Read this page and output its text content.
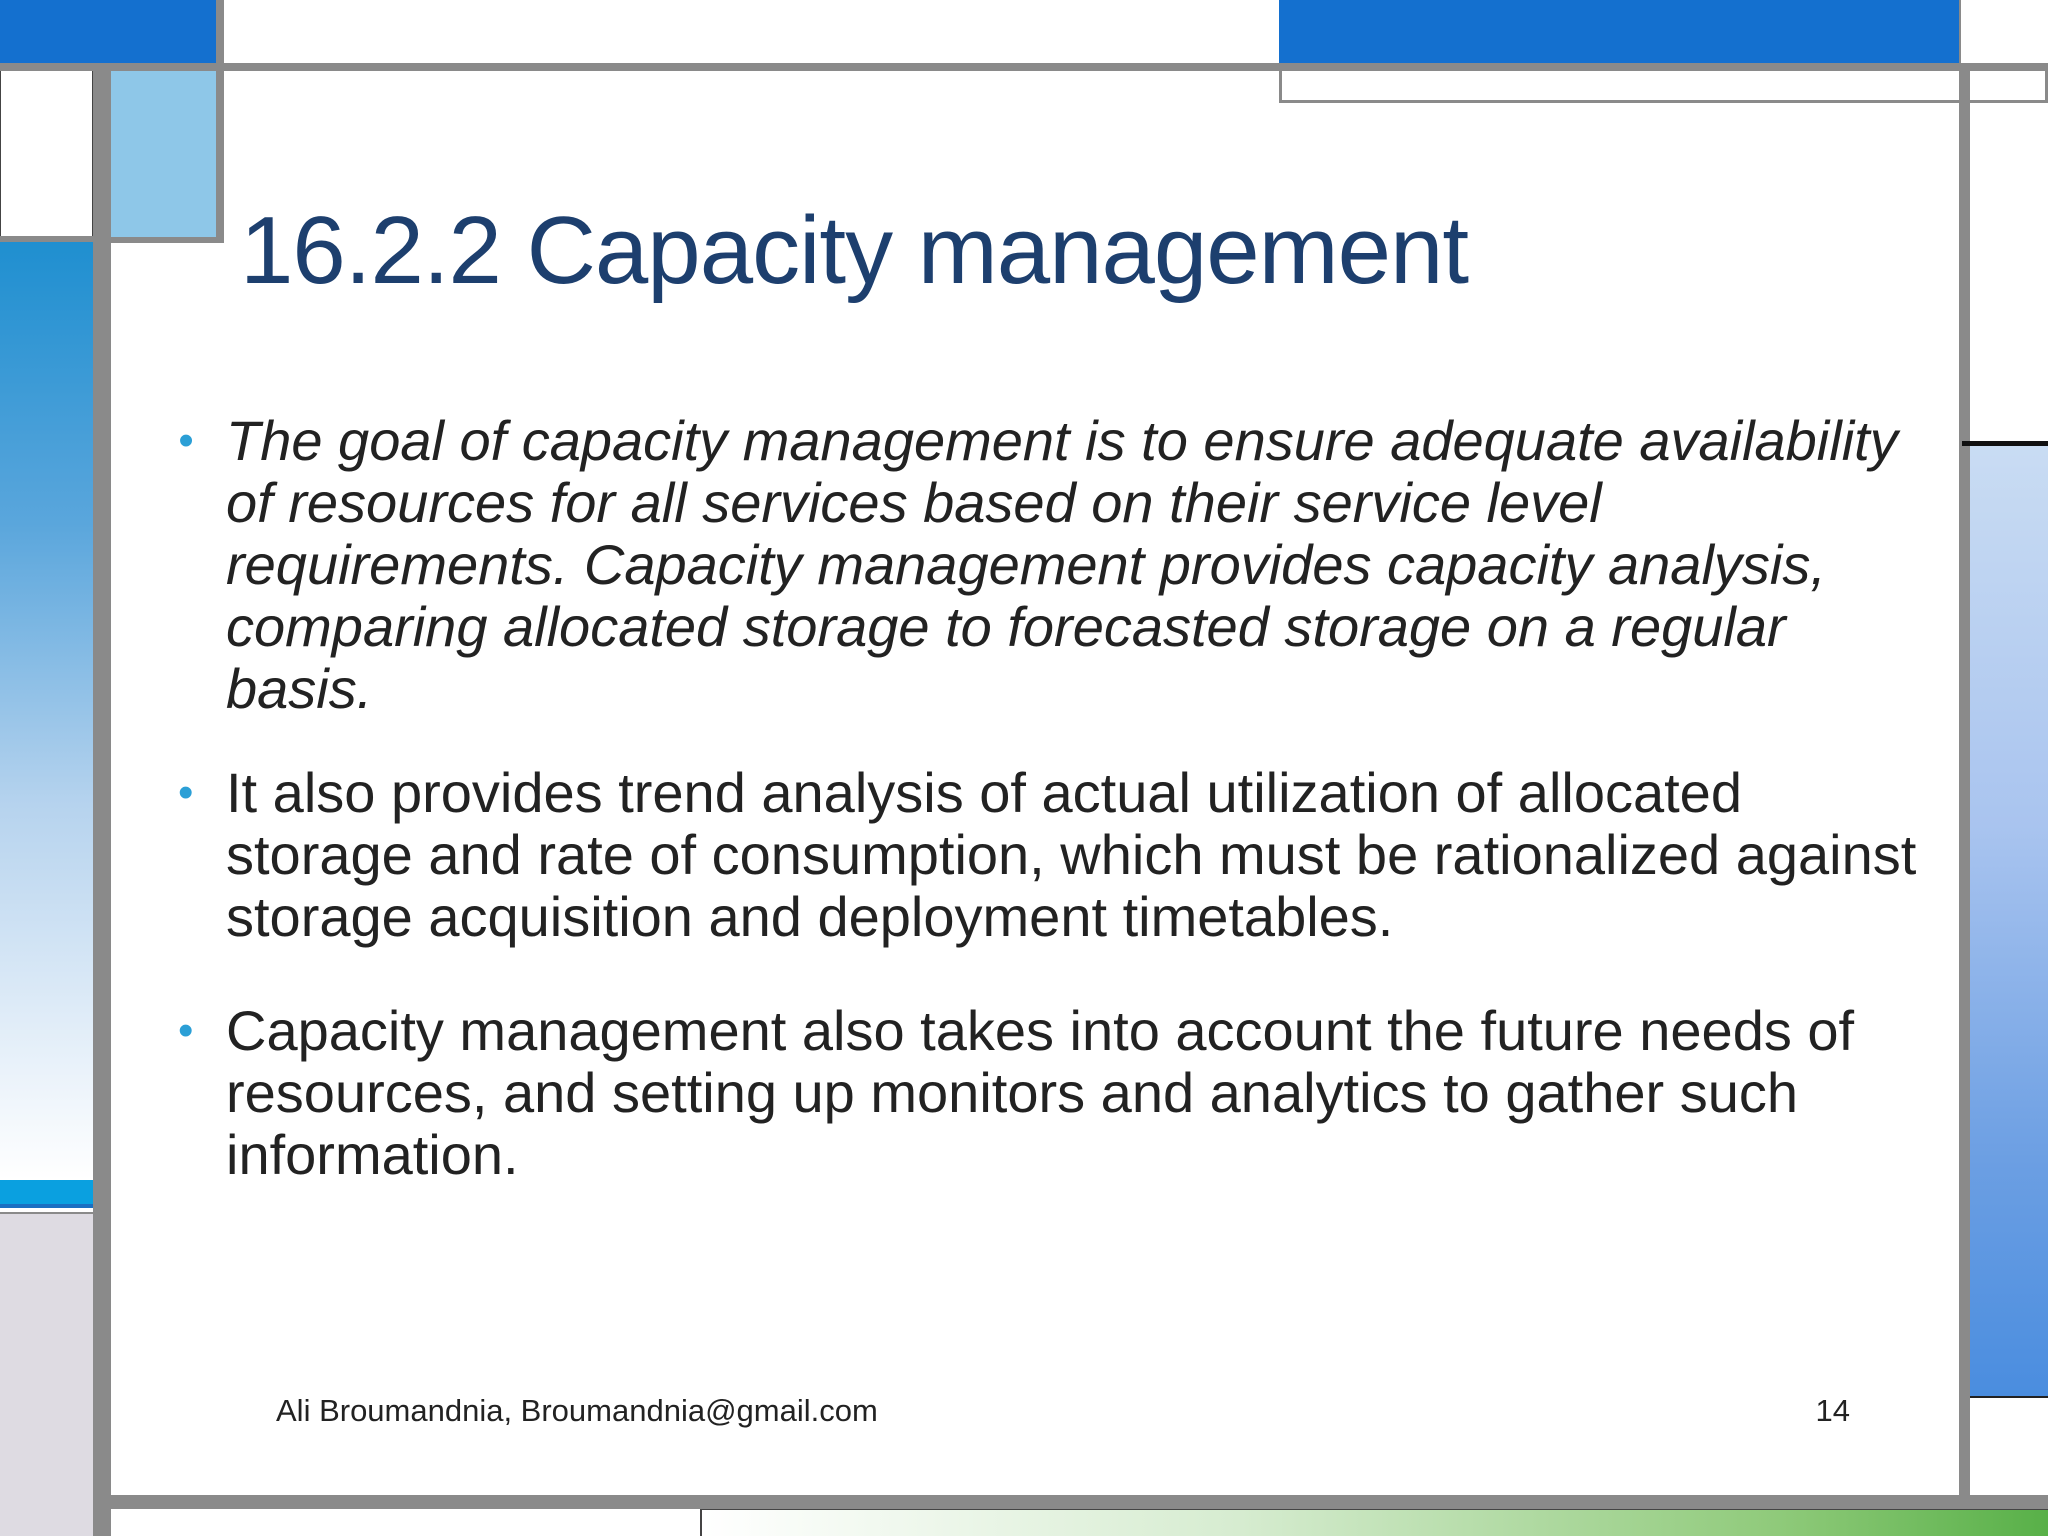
16.2.2 Capacity management
• The goal of capacity management is to ensure adequate availability of resources for all services based on their service level requirements. Capacity management provides capacity analysis, comparing allocated storage to forecasted storage on a regular basis.
• It also provides trend analysis of actual utilization of allocated storage and rate of consumption, which must be rationalized against storage acquisition and deployment timetables.
• Capacity management also takes into account the future needs of resources, and setting up monitors and analytics to gather such information.
Ali Broumandnia, Broumandnia@gmail.com	14
